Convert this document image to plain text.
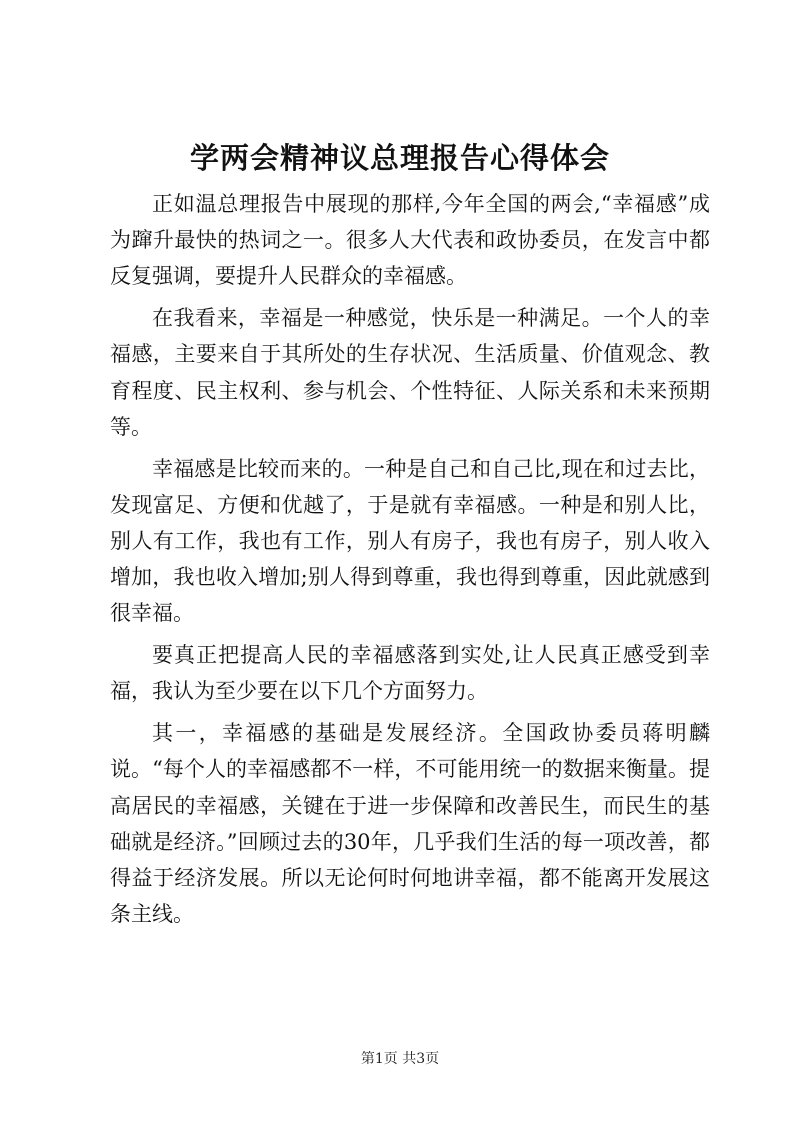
学两会精神议总理报告心得体会

正如温总理报告中展现的那样,今年全国的两会,“幸福感”成为蹿升最快的热词之一。很多人大代表和政协委员，在发言中都反复强调，要提升人民群众的幸福感。

在我看来，幸福是一种感觉，快乐是一种满足。一个人的幸福感，主要来自于其所处的生存状况、生活质量、价值观念、教育程度、民主权利、参与机会、个性特征、人际关系和未来预期等。

幸福感是比较而来的。一种是自己和自己比,现在和过去比，发现富足、方便和优越了，于是就有幸福感。一种是和别人比，别人有工作，我也有工作，别人有房子，我也有房子，别人收入增加，我也收入增加;别人得到尊重，我也得到尊重，因此就感到很幸福。

要真正把提高人民的幸福感落到实处,让人民真正感受到幸福，我认为至少要在以下几个方面努力。

其一，幸福感的基础是发展经济。全国政协委员蒋明麟说。“每个人的幸福感都不一样，不可能用统一的数据来衡量。提高居民的幸福感，关键在于进一步保障和改善民生，而民生的基础就是经济。”回顾过去的30年，几乎我们生活的每一项改善，都得益于经济发展。所以无论何时何地讲幸福，都不能离开发展这条主线。

第1页 共3页
